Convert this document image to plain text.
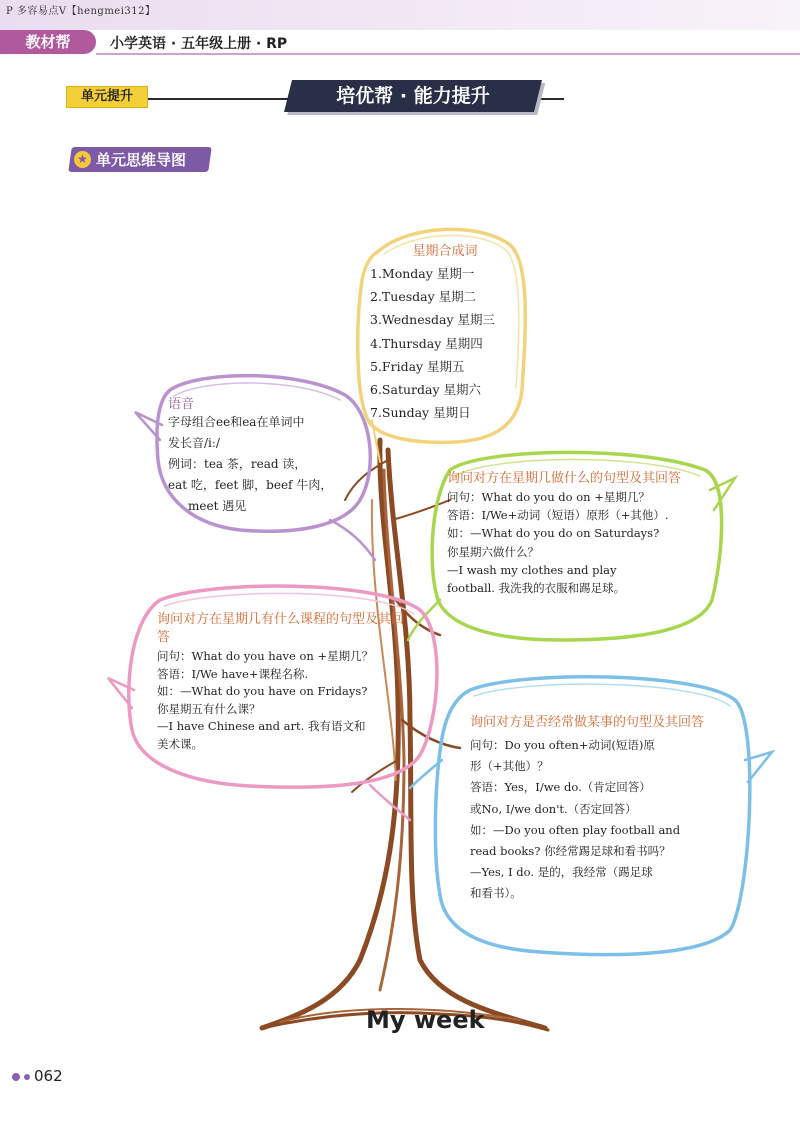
P 多容易点V【hengmei312】
教材帮	小学英语 · 五年级上册 · RP
单元提升	培优帮 · 能力提升
★ 单元思维导图
星期合成词
1.Monday 星期一
2.Tuesday 星期二
3.Wednesday 星期三
4.Thursday 星期四
5.Friday 星期五
6.Saturday 星期六
7.Sunday 星期日
语音
字母组合ee和ea在单词中
发长音/iː/
例词：tea 茶，read 读，
eat 吃，feet 脚，beef 牛肉，
meet 遇见
询问对方在星期几做什么的句型及其回答
问句：What do you do on +星期几？
答语：I/We+动词（短语）原形（+其他）.
如：—What do you do on Saturdays?
你星期六做什么？
—I wash my clothes and play
football. 我洗我的衣服和踢足球。
询问对方在星期几有什么课程的句型及其回答
问句：What do you have on +星期几？
答语：I/We have+课程名称.
如：—What do you have on Fridays?
你星期五有什么课？
—I have Chinese and art. 我有语文和
美术课。
询问对方是否经常做某事的句型及其回答
问句：Do you often+动词(短语)原
形（+其他）？
答语：Yes，I/we do.（肯定回答）
或No, I/we don't.（否定回答）
如：—Do you often play football and
read books? 你经常踢足球和看书吗？
—Yes, I do. 是的，我经常（踢足球
和看书）。
My week
062
